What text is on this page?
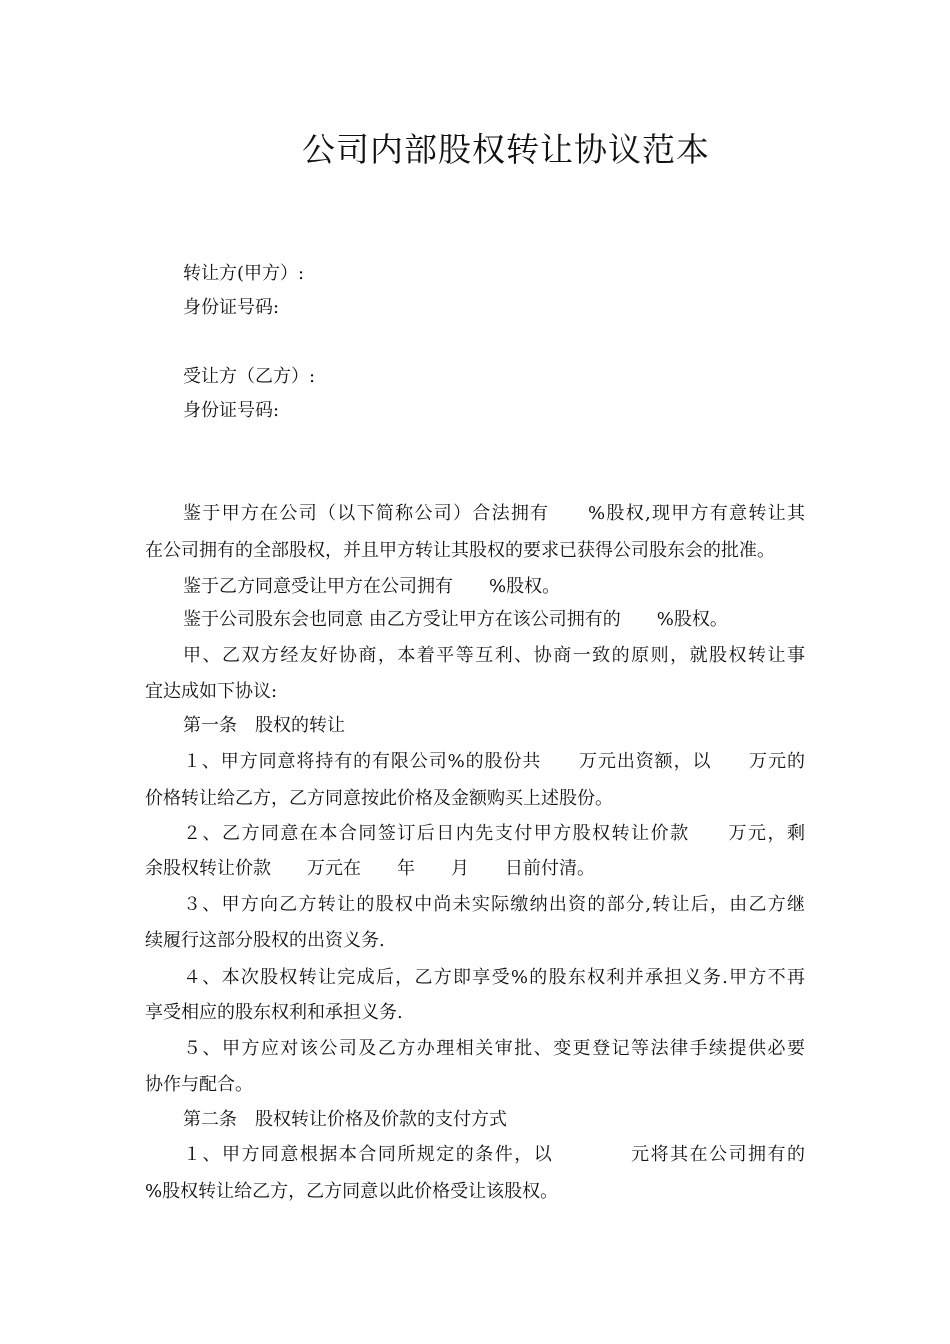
公司内部股权转让协议范本
转让方(甲方）:
身份证号码:
受让方（乙方）:
身份证号码:
鉴于甲方在公司（以下简称公司）合法拥有　　%股权,现甲方有意转让其
在公司拥有的全部股权，并且甲方转让其股权的要求已获得公司股东会的批准。
鉴于乙方同意受让甲方在公司拥有　　%股权。
鉴于公司股东会也同意 由乙方受让甲方在该公司拥有的　　%股权。
甲、乙双方经友好协商，本着平等互利、协商一致的原则，就股权转让事
宜达成如下协议:
第一条　股权的转让
１、甲方同意将持有的有限公司%的股份共　　万元出资额，以　　万元的
价格转让给乙方，乙方同意按此价格及金额购买上述股份。
２、乙方同意在本合同签订后日内先支付甲方股权转让价款　　万元，剩
余股权转让价款　　万元在　　年　　月　　日前付清。
３、甲方向乙方转让的股权中尚未实际缴纳出资的部分,转让后，由乙方继
续履行这部分股权的出资义务.
４、本次股权转让完成后，乙方即享受%的股东权利并承担义务.甲方不再
享受相应的股东权利和承担义务.
５、甲方应对该公司及乙方办理相关审批、变更登记等法律手续提供必要
协作与配合。
第二条　股权转让价格及价款的支付方式
１、甲方同意根据本合同所规定的条件，以　　　　元将其在公司拥有的
%股权转让给乙方，乙方同意以此价格受让该股权。
